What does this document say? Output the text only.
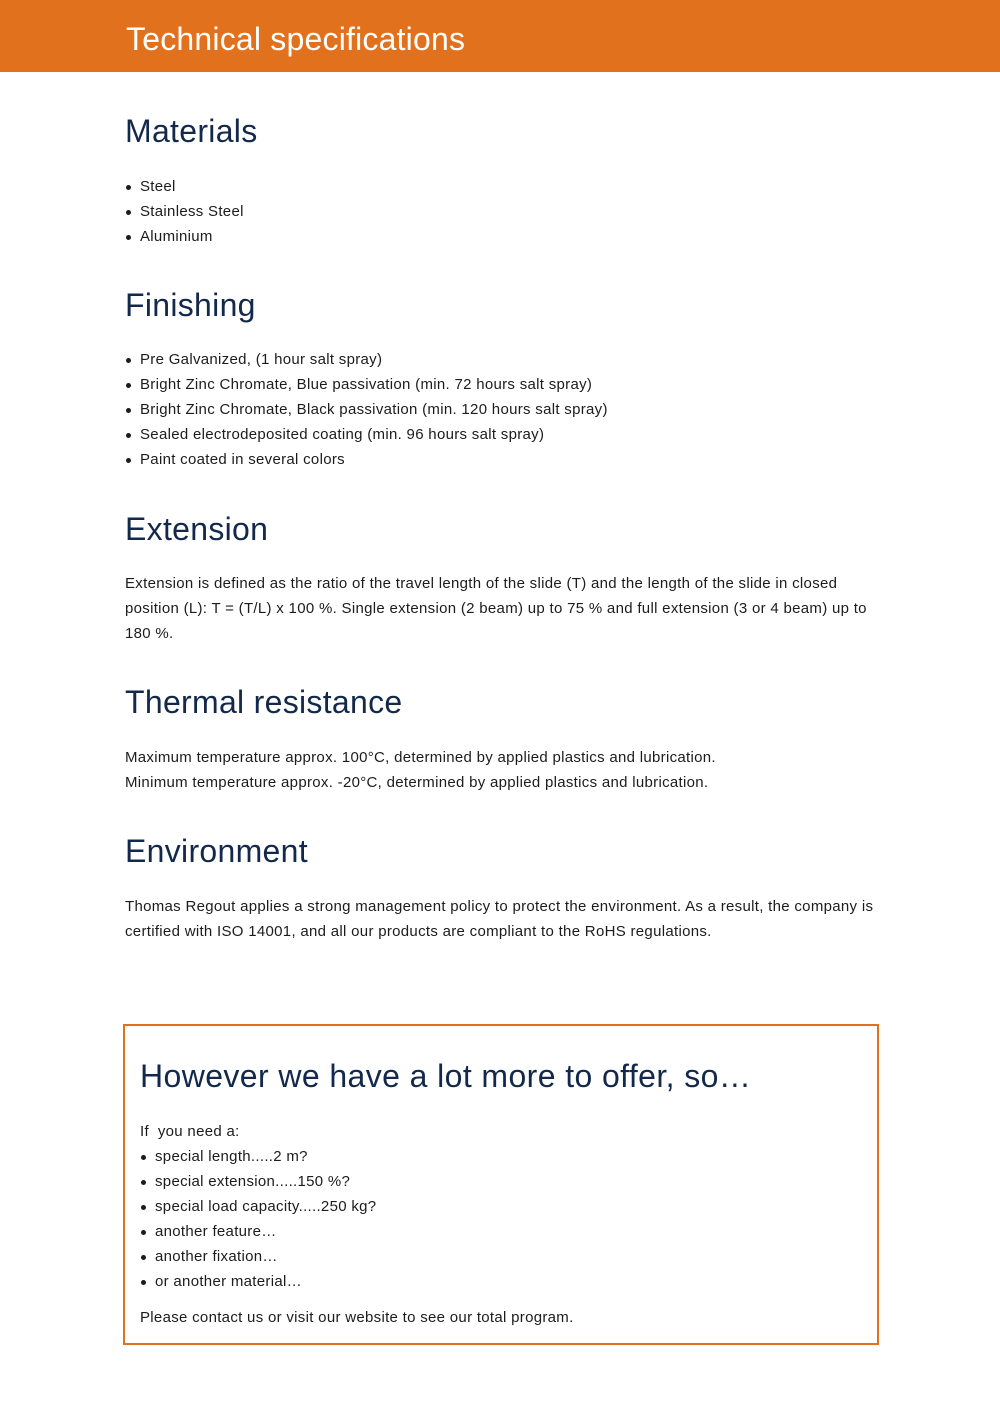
Technical specifications
Materials
Steel
Stainless Steel
Aluminium
Finishing
Pre Galvanized, (1 hour salt spray)
Bright Zinc Chromate, Blue passivation (min. 72 hours salt spray)
Bright Zinc Chromate, Black passivation (min. 120 hours salt spray)
Sealed electrodeposited coating (min. 96 hours salt spray)
Paint coated in several colors
Extension

Extension is defined as the ratio of the travel length of the slide (T) and the length of the slide in closed position (L): T = (T/L) x 100 %. Single extension (2 beam) up to 75 % and full extension (3 or 4 beam) up to 180 %.

Thermal resistance

Maximum temperature approx. 100°C, determined by applied plastics and lubrication.

Minimum temperature approx. -20°C, determined by applied plastics and lubrication.

Environment

Thomas Regout applies a strong management policy to protect the environment. As a result, the company is certified with ISO 14001, and all our products are compliant to the RoHS regulations.

However we have a lot more to offer, so…
If  you need a:
special length.....2 m?
special extension.....150 %?
special load capacity.....250 kg?
another feature…
another fixation…
or another material…
Please contact us or visit our website to see our total program.
